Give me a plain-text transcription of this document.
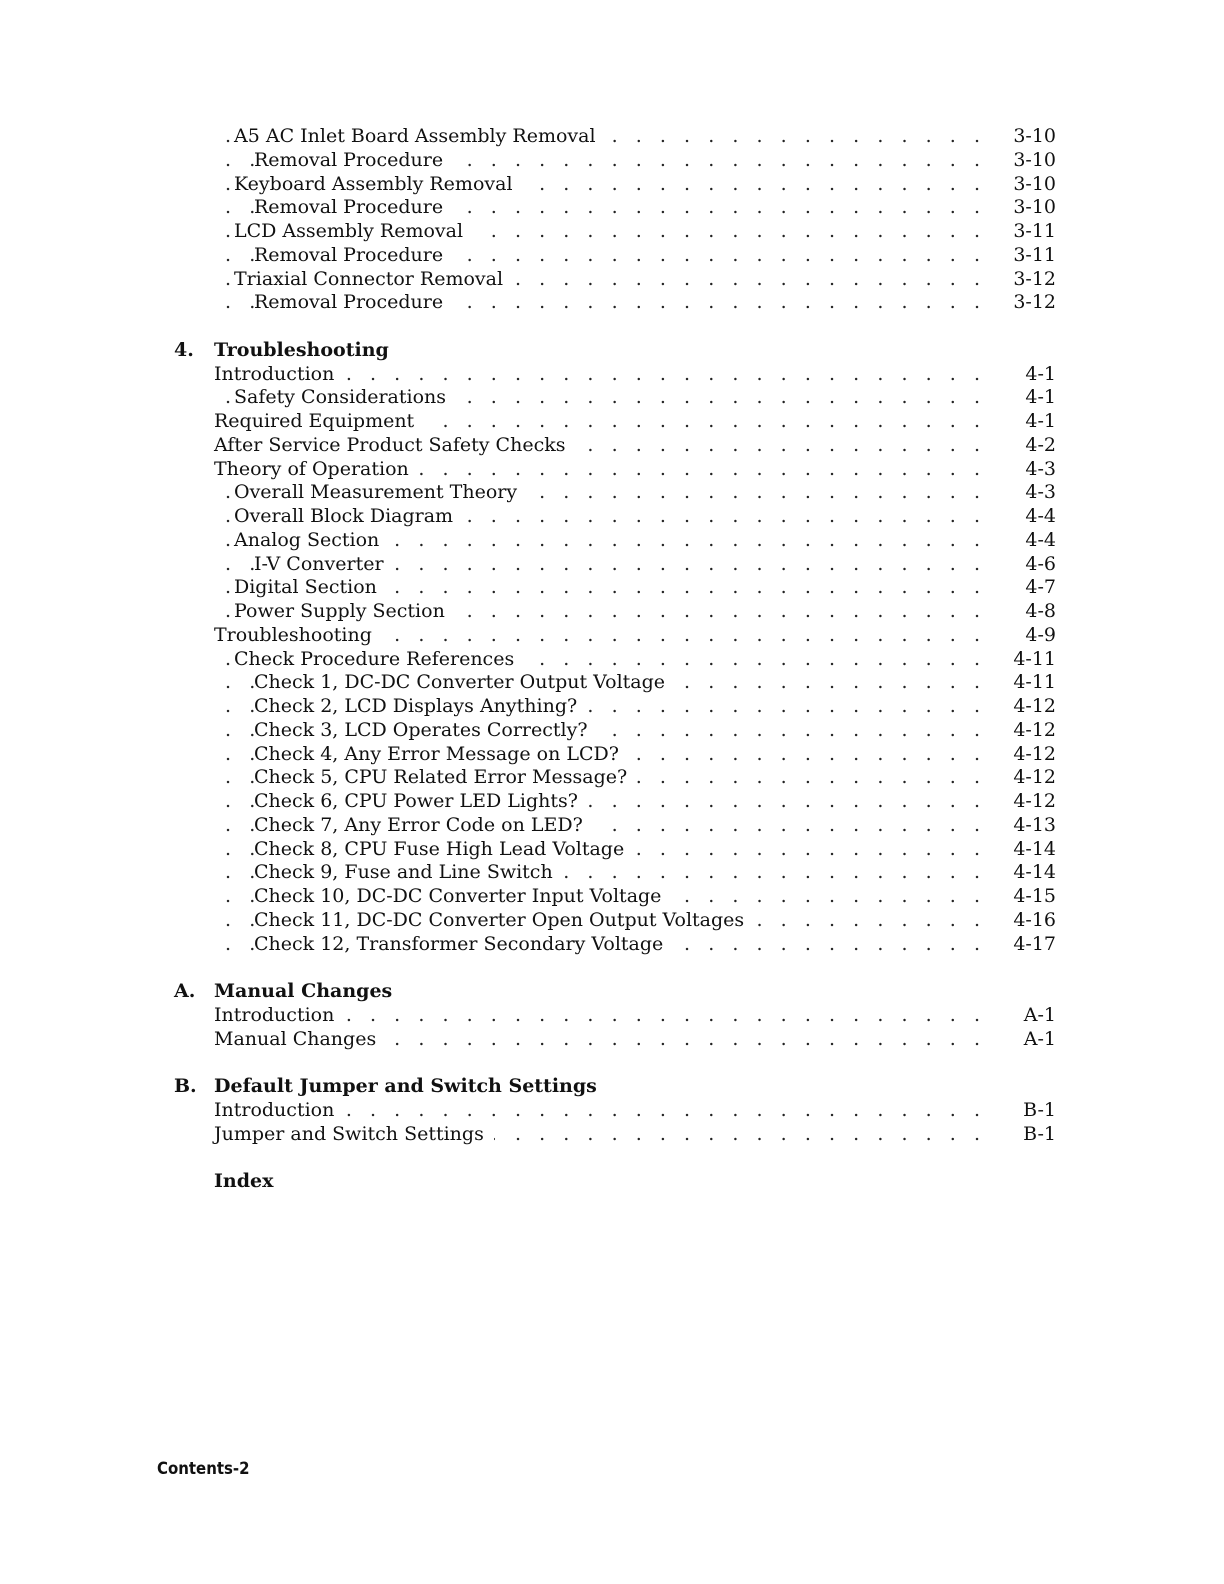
.   .
A5 AC Inlet Board Assembly Removal	3-10
.   .
Removal Procedure	3-10
.   .
Keyboard Assembly Removal	3-10
.   .
Removal Procedure	3-10
.   .
LCD Assembly Removal	3-11
.   .
Removal Procedure	3-11
.   .
Triaxial Connector Removal	3-12
.   .
Removal Procedure	3-12
4. Troubleshooting
.   .
Introduction	4-1
.   .
Safety Considerations	4-1
.   .
Required Equipment	4-1
.   .
After Service Product Safety Checks	4-2
.   .
Theory of Operation	4-3
.   .
Overall Measurement Theory	4-3
.   .
Overall Block Diagram	4-4
.   .
Analog Section	4-4
.   .
I-V Converter	4-6
.   .
Digital Section	4-7
.   .
Power Supply Section	4-8
.   .
Troubleshooting	4-9
.   .
Check Procedure References	4-11
.   .
Check 1, DC-DC Converter Output Voltage	4-11
.   .
Check 2, LCD Displays Anything?	4-12
.   .
Check 3, LCD Operates Correctly?	4-12
.   .
Check 4, Any Error Message on LCD?	4-12
.   .
Check 5, CPU Related Error Message?	4-12
.   .
Check 6, CPU Power LED Lights?	4-12
.   .
Check 7, Any Error Code on LED?	4-13
.   .
Check 8, CPU Fuse High Lead Voltage	4-14
.   .
Check 9, Fuse and Line Switch	4-14
.   .
Check 10, DC-DC Converter Input Voltage	4-15
.   .
Check 11, DC-DC Converter Open Output Voltages	4-16
.   .
Check 12, Transformer Secondary Voltage	4-17
A. Manual Changes
.   .
Introduction	A-1
.   .
Manual Changes	A-1
B. Default Jumper and Switch Settings
.   .
Introduction	B-1
.   .
Jumper and Switch Settings	B-1
Index
Contents-2
